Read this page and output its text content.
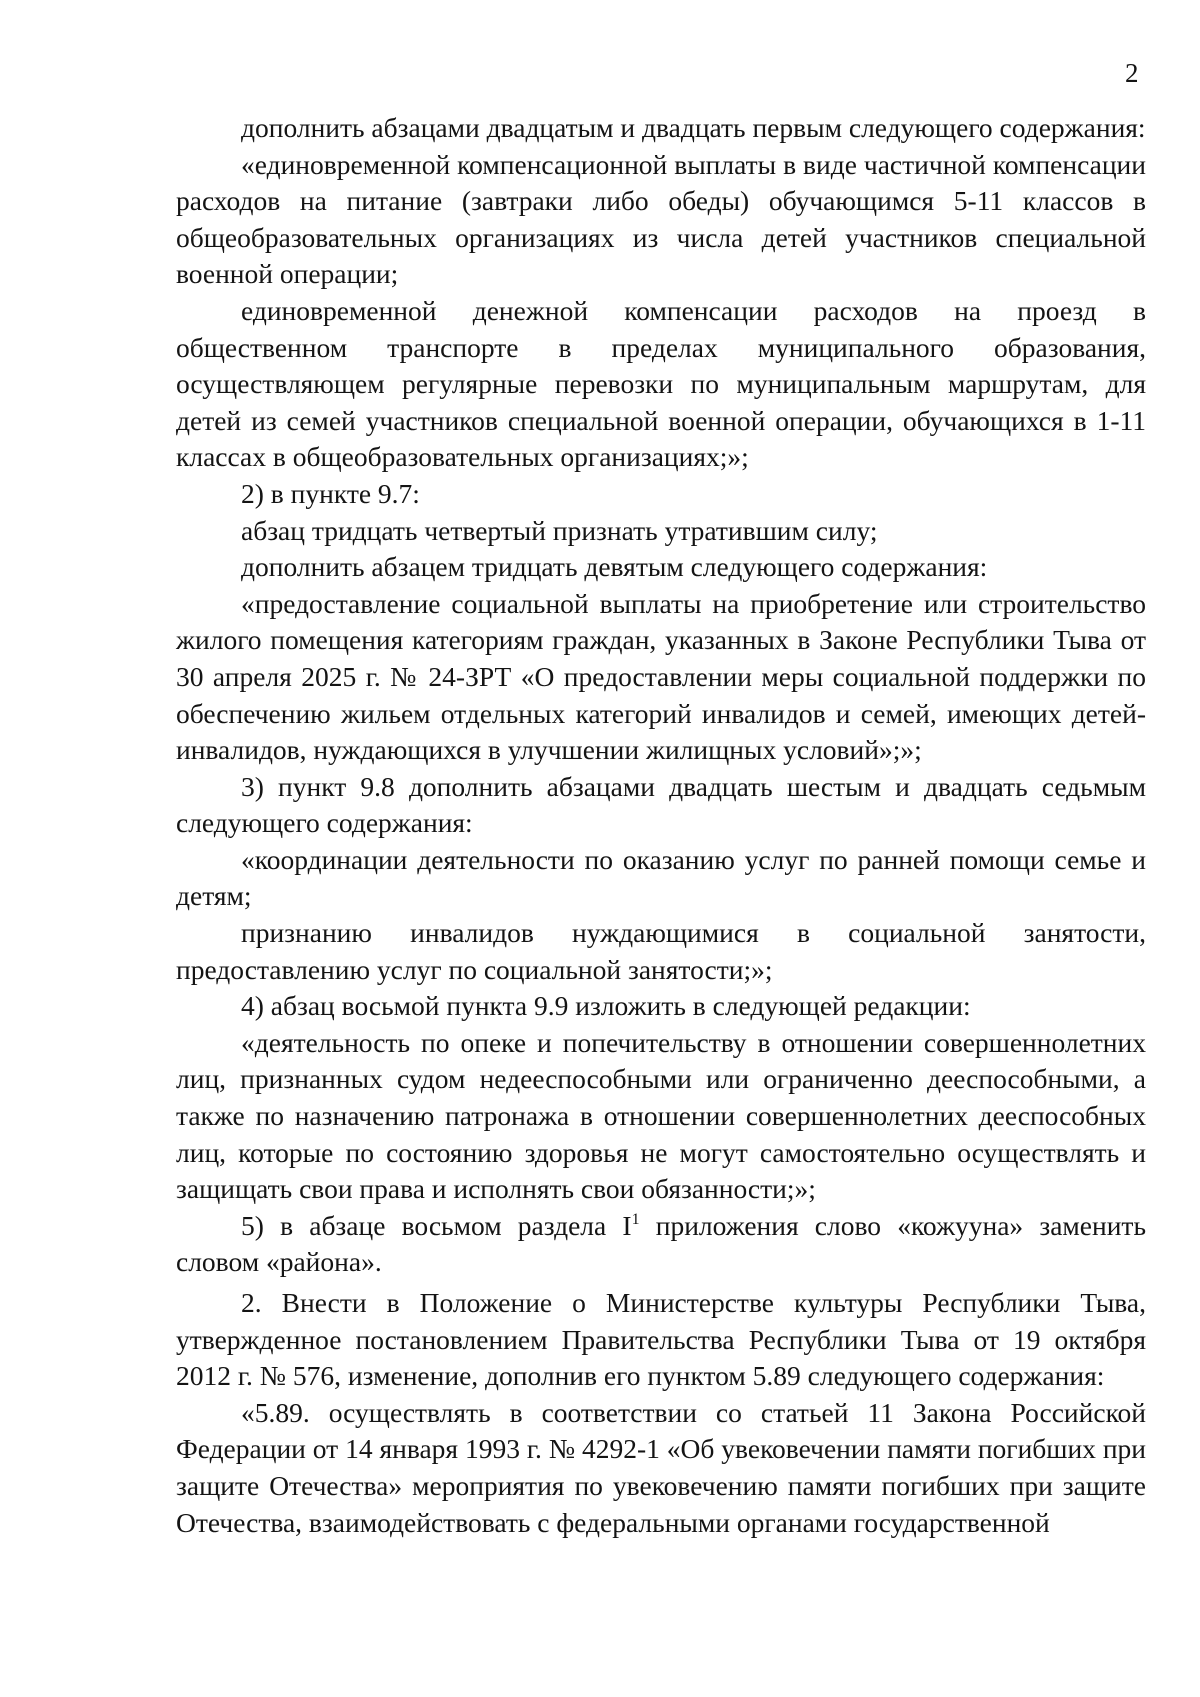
2

дополнить абзацами двадцатым и двадцать первым следующего содержания:

«единовременной компенсационной выплаты в виде частичной компенсации расходов на питание (завтраки либо обеды) обучающимся 5-11 классов в общеобразовательных организациях из числа детей участников специальной военной операции;

единовременной денежной компенсации расходов на проезд в общественном транспорте в пределах муниципального образования, осуществляющем регулярные перевозки по муниципальным маршрутам, для детей из семей участников специальной военной операции, обучающихся в 1-11 классах в общеобразовательных организациях;»;

2) в пункте 9.7:

абзац тридцать четвертый признать утратившим силу;

дополнить абзацем тридцать девятым следующего содержания:

«предоставление социальной выплаты на приобретение или строительство жилого помещения категориям граждан, указанных в Законе Республики Тыва от 30 апреля 2025 г. № 24-ЗРТ «О предоставлении меры социальной поддержки по обеспечению жильем отдельных категорий инвалидов и семей, имеющих детей-инвалидов, нуждающихся в улучшении жилищных условий»;»;

3) пункт 9.8 дополнить абзацами двадцать шестым и двадцать седьмым следующего содержания:

«координации деятельности по оказанию услуг по ранней помощи семье и детям;

признанию инвалидов нуждающимися в социальной занятости, предоставлению услуг по социальной занятости;»;

4) абзац восьмой пункта 9.9 изложить в следующей редакции:

«деятельность по опеке и попечительству в отношении совершеннолетних лиц, признанных судом недееспособными или ограниченно дееспособными, а также по назначению патронажа в отношении совершеннолетних дееспособных лиц, которые по состоянию здоровья не могут самостоятельно осуществлять и защищать свои права и исполнять свои обязанности;»;

5) в абзаце восьмом раздела $I^1$ приложения слово «кожууна» заменить словом «района».

2. Внести в Положение о Министерстве культуры Республики Тыва, утвержденное постановлением Правительства Республики Тыва от 19 октября 2012 г. № 576, изменение, дополнив его пунктом 5.89 следующего содержания:

«5.89. осуществлять в соответствии со статьей 11 Закона Российской Федерации от 14 января 1993 г. № 4292-1 «Об увековечении памяти погибших при защите Отечества» мероприятия по увековечению памяти погибших при защите Отечества, взаимодействовать с федеральными органами государственной
